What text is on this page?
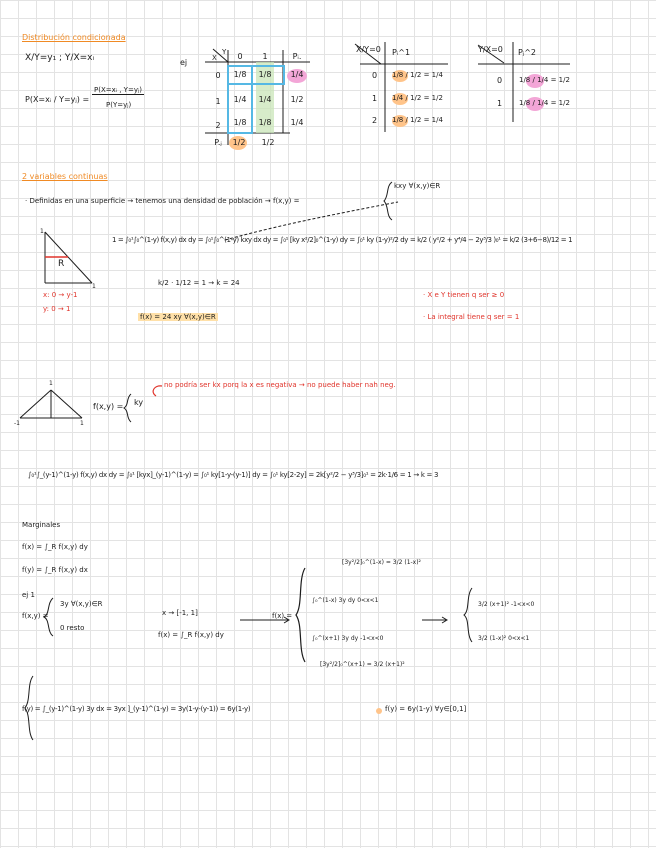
Distribución condicionada
X/Y=y₁ ; Y/X=xᵢ	ej
P(X=xᵢ / Y=yⱼ) =
P(X=xᵢ , Y=yⱼ)
P(Y=yⱼ)
X
Y	0	1	Pᵢ.
0	1/8	1/8	1/4
1	1/4	1/4	1/2
2	1/8	1/8	1/4
P.ⱼ	1/2	1/2
X/Y=0 Pᵢ^1
0 1/8 / 1/2 = 1/4
1 1/4 / 1/2 = 1/2
2 1/8 / 1/2 = 1/4
Y/X=0 Pⱼ^2
0 1/8 / 1/4 = 1/2
1 1/8 / 1/4 = 1/2
2 variables continuas
· Definidas en una superficie → tenemos una densidad de población → f(x,y) =
kxy ∀(x,y)∈R
1
1
R
1 = ∫₀¹∫₀^(1-y) f(x,y) dx dy = ∫₀¹∫₀^(1-y) kxy dx dy = ∫₀¹ [ky x²/2]₀^(1-y) dy = ∫₀¹ ky (1-y)²/2 dy = k/2 ( y²/2 + y⁴/4 − 2y³/3 )₀¹ = k/2 (3+6−8)/12 = 1
x: 0 → y-1
y: 0 → 1
k/2 · 1/12 = 1 → k = 24
f(x) = 24 xy ∀(x,y)∈R
· X e Y tienen q ser ≥ 0
· La integral tiene q ser = 1
1
-1	1
f(x,y) = ky
no podría ser kx porq la x es negativa → no puede haber nah neg.
∫₀¹∫_(y-1)^(1-y) f(x,y) dx dy = ∫₀¹ [kyx]_(y-1)^(1-y) = ∫₀¹ ky[1-y-(y-1)] dy = ∫₀¹ ky[2-2y] = 2k[y²/2 − y³/3]₀¹ = 2k·1/6 = 1 → k = 3
Marginales
f(x) = ∫_R f(x,y) dy
f(y) = ∫_R f(x,y) dx
ej 1
f(x,y) =
3y ∀(x,y)∈R
0 resto
x → [-1, 1]
f(x) = ∫_R f(x,y) dy
f(x) =
[3y²/2]₀^(1-x) = 3/2 (1-x)²
∫₀^(1-x) 3y dy 0<x<1
∫₀^(x+1) 3y dy -1<x<0
[3y²/2]₀^(x+1) = 3/2 (x+1)²
3/2 (x+1)² -1<x<0
3/2 (1-x)² 0<x<1
f(y) = ∫_(y-1)^(1-y) 3y dx = 3yx ]_(y-1)^(1-y) = 3y(1-y-(y-1)) = 6y(1-y)	f(y) = 6y(1-y) ∀y∈[0,1]
